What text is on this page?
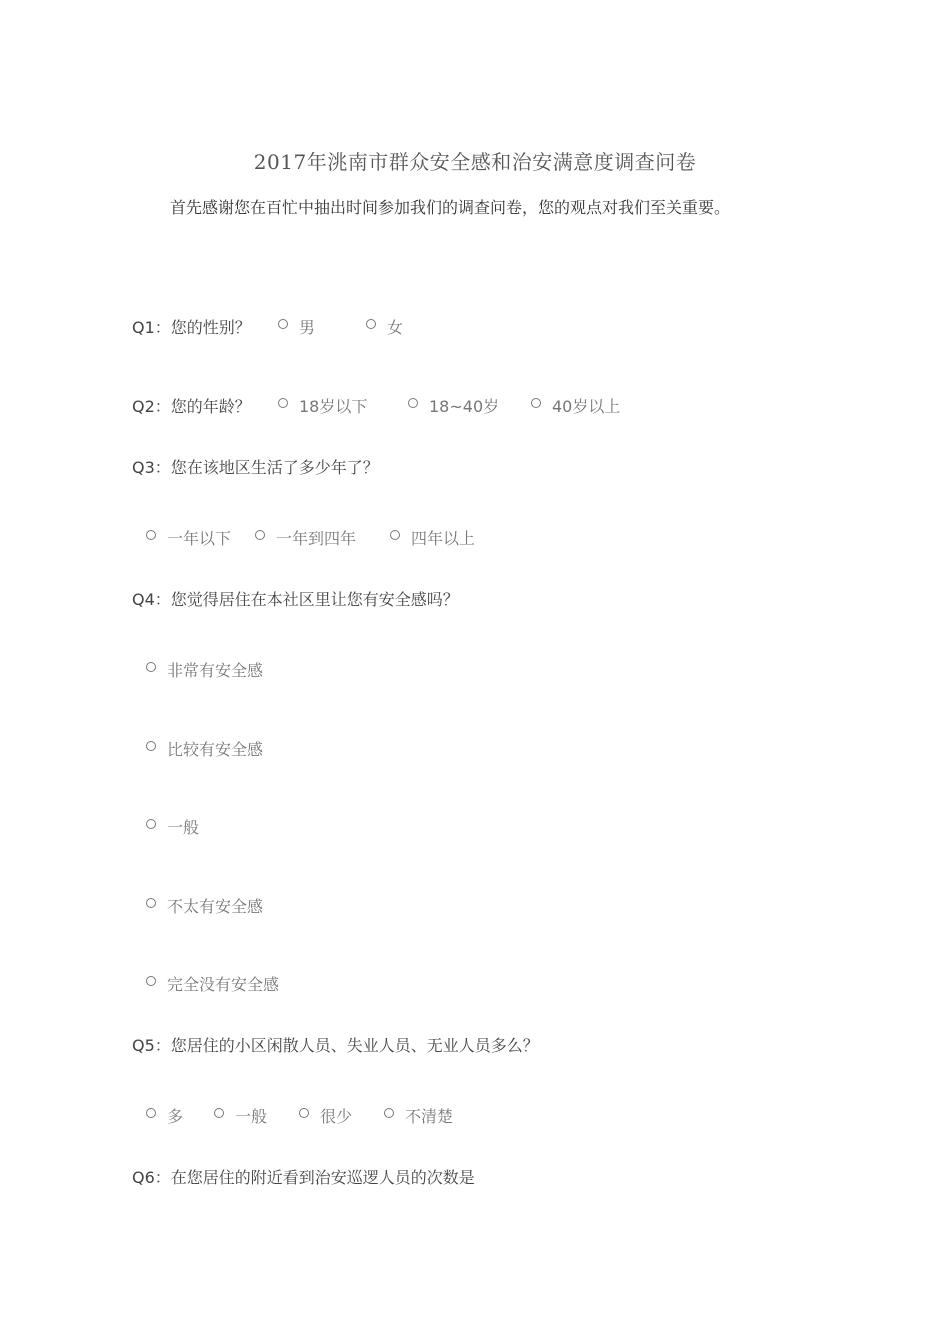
2017年洮南市群众安全感和治安满意度调查问卷
首先感谢您在百忙中抽出时间参加我们的调查问卷，您的观点对我们至关重要。
Q1：您的性别？	男	女
Q2：您的年龄？	18岁以下	18~40岁	40岁以上
Q3：您在该地区生活了多少年了？
一年以下	一年到四年	四年以上
Q4：您觉得居住在本社区里让您有安全感吗？
非常有安全感
比较有安全感
一般
不太有安全感
完全没有安全感
Q5：您居住的小区闲散人员、失业人员、无业人员多么？
多	一般	很少	不清楚
Q6：在您居住的附近看到治安巡逻人员的次数是
